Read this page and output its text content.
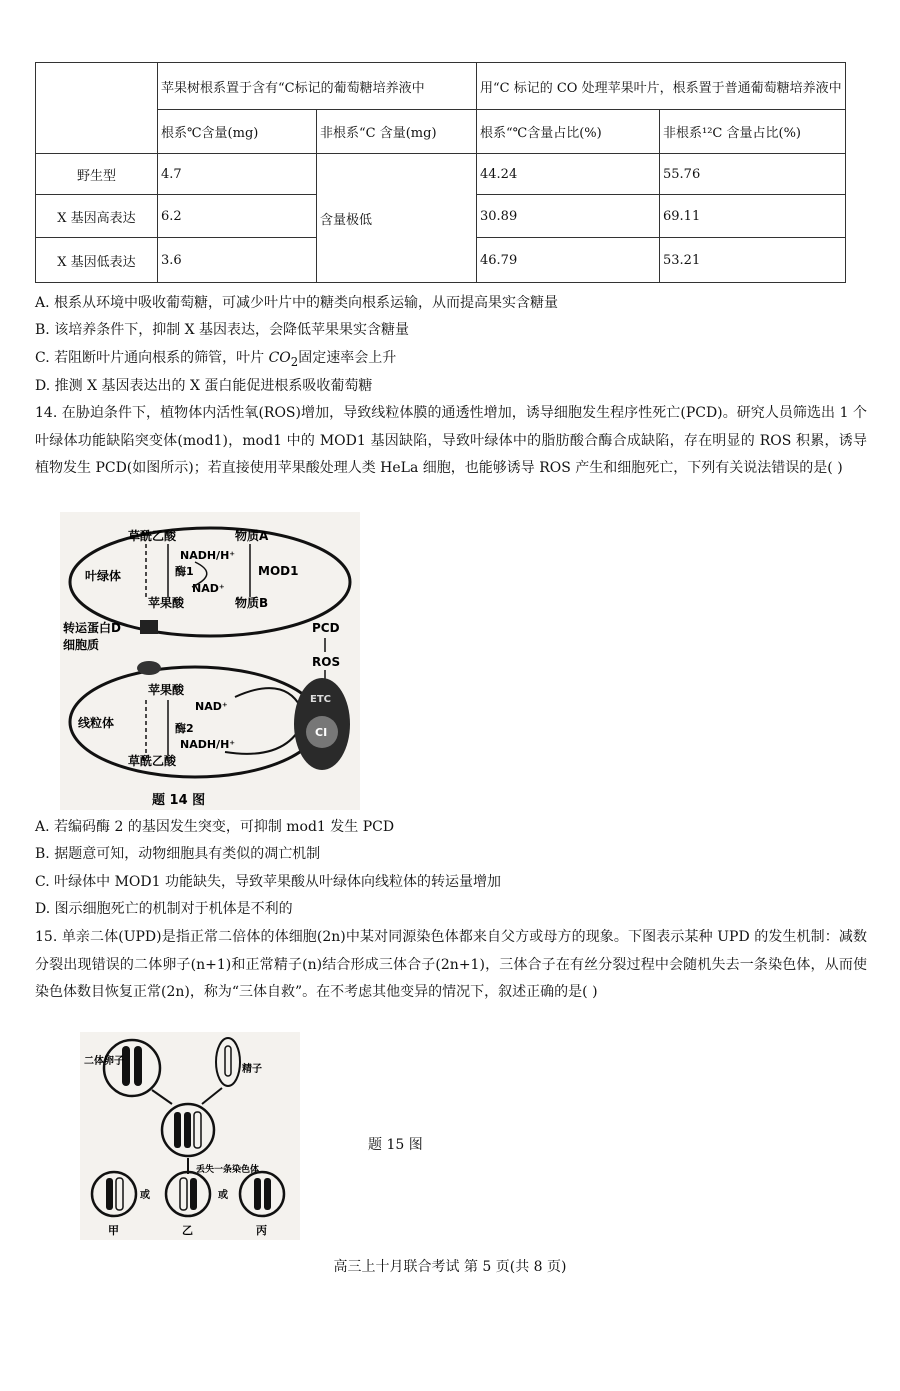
	苹果树根系置于含有“C标记的葡萄糖培养液中		用“C 标记的 CO 处理苹果叶片，根系置于普通葡萄糖培养液中	
	根系℃含量(mg)	非根系“C 含量(mg)	根系“℃含量占比(%)	非根系¹²C 含量占比(%)
野生型	4.7	含量极低	44.24	55.76
X 基因高表达	6.2		30.89	69.11
X 基因低表达	3.6		46.79	53.21
A. 根系从环境中吸收葡萄糖，可减少叶片中的糖类向根系运输，从而提高果实含糖量
B. 该培养条件下，抑制 X 基因表达，会降低苹果果实含糖量
C. 若阻断叶片通向根系的筛管，叶片 $CO_2$固定速率会上升
D. 推测 X 基因表达出的 X 蛋白能促进根系吸收葡萄糖
14. 在胁迫条件下，植物体内活性氧(ROS)增加，导致线粒体膜的通透性增加，诱导细胞发生程序性死亡(PCD)。研究人员筛选出 1 个叶绿体功能缺陷突变体(mod1)，mod1 中的 MOD1 基因缺陷，导致叶绿体中的脂肪酸合酶合成缺陷，存在明显的 ROS 积累，诱导植物发生 PCD(如图所示)；若直接使用苹果酸处理人类 HeLa 细胞，也能够诱导 ROS 产生和细胞死亡，下列有关说法错误的是( )
草酰乙酸	物质A
NADH/H⁺
酶1	MOD1
NAD⁺
叶绿体
苹果酸	物质B
转运蛋白D
细胞质
PCD
ROS
苹果酸
NAD⁺
线粒体	酶2
NADH/H⁺
草酰乙酸
ETC
CI
题 14 图
A. 若编码酶 2 的基因发生突变，可抑制 mod1 发生 PCD
B. 据题意可知，动物细胞具有类似的凋亡机制
C. 叶绿体中 MOD1 功能缺失，导致苹果酸从叶绿体向线粒体的转运量增加
D. 图示细胞死亡的机制对于机体是不利的
15. 单亲二体(UPD)是指正常二倍体的体细胞(2n)中某对同源染色体都来自父方或母方的现象。下图表示某种 UPD 的发生机制：减数分裂出现错误的二体卵子(n+1)和正常精子(n)结合形成三体合子(2n+1)，三体合子在有丝分裂过程中会随机失去一条染色体，从而使染色体数目恢复正常(2n)，称为“三体自救”。在不考虑其他变异的情况下，叙述正确的是( )
二体卵子
精子
丢失一条染色体
或	或
甲	乙	丙
题 15 图
高三上十月联合考试 第 5 页(共 8 页)
